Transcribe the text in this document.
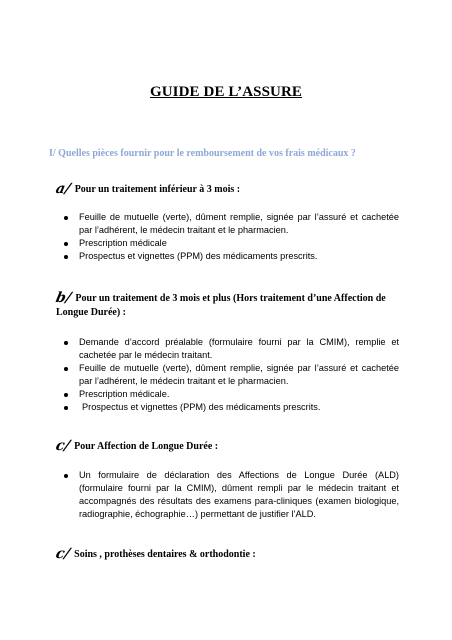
GUIDE DE L’ASSURE
I/ Quelles pièces fournir pour le remboursement de vos frais médicaux ?
a/ Pour un traitement inférieur à 3 mois :
Feuille de mutuelle (verte), dûment remplie, signée par l’assuré et cachetée par l’adhérent, le médecin traitant et le pharmacien.
Prescription médicale
Prospectus et vignettes (PPM) des médicaments prescrits.
b/ Pour un traitement de 3 mois et plus (Hors traitement d’une Affection de Longue Durée) :
Demande d’accord préalable (formulaire fourni par la CMIM), remplie et cachetée par le médecin traitant.
Feuille de mutuelle (verte), dûment remplie, signée par l’assuré et cachetée par l’adhérent, le médecin traitant et le pharmacien.
Prescription médicale.
Prospectus et vignettes (PPM) des médicaments prescrits.
c/ Pour Affection de Longue Durée :
Un formulaire de déclaration des Affections de Longue Durée (ALD) (formulaire fourni par la CMIM), dûment rempli par le médecin traitant et accompagnés des résultats des examens para-cliniques (examen biologique, radiographie, échographie…) permettant de justifier l’ALD.
c/ Soins , prothèses dentaires & orthodontie :
